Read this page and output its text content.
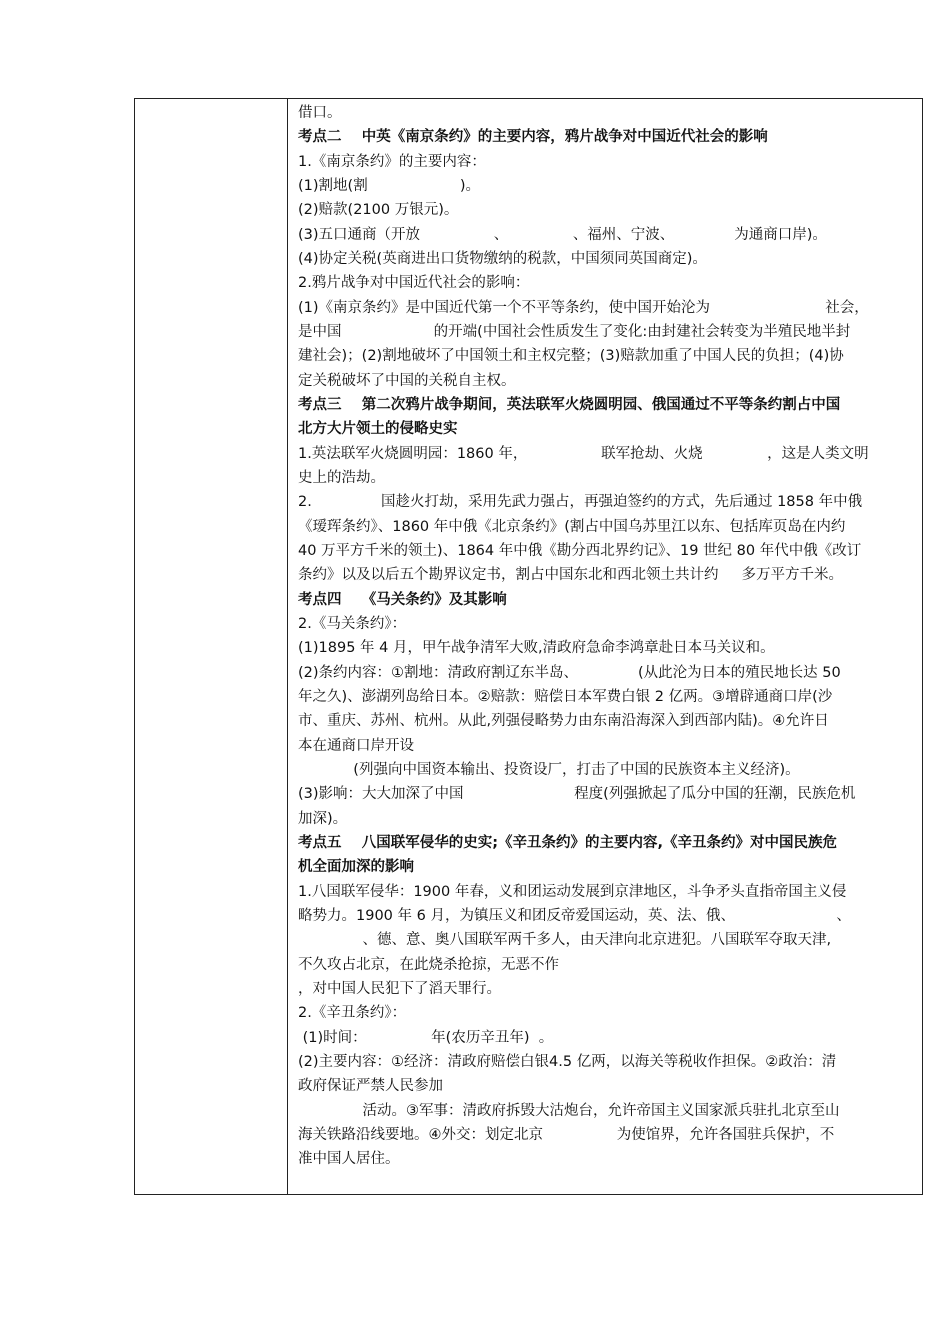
借口。
考点二    中英《南京条约》的主要内容，鸦片战争对中国近代社会的影响
1.《南京条约》的主要内容：
(1)割地(割                    )。
(2)赔款(2100 万银元)。
(3)五口通商（开放                、              、福州、宁波、             为通商口岸)。
(4)协定关税(英商进出口货物缴纳的税款，中国须同英国商定)。
2.鸦片战争对中国近代社会的影响：
(1)《南京条约》是中国近代第一个不平等条约，使中国开始沦为                         社会，
是中国                    的开端(中国社会性质发生了变化:由封建社会转变为半殖民地半封
建社会)；(2)割地破坏了中国领土和主权完整；(3)赔款加重了中国人民的负担；(4)协
定关税破坏了中国的关税自主权。
考点三    第二次鸦片战争期间，英法联军火烧圆明园、俄国通过不平等条约割占中国
北方大片领土的侵略史实
1.英法联军火烧圆明园：1860 年，                联军抢劫、火烧              ，这是人类文明
史上的浩劫。
2.               国趁火打劫，采用先武力强占，再强迫签约的方式，先后通过 1858 年中俄
《瑷珲条约》、1860 年中俄《北京条约》(割占中国乌苏里江以东、包括库页岛在内约
40 万平方千米的领土)、1864 年中俄《勘分西北界约记》、19 世纪 80 年代中俄《改订
条约》以及以后五个勘界议定书，割占中国东北和西北领土共计约     多万平方千米。
考点四    《马关条约》及其影响
2.《马关条约》：
(1)1895 年 4 月，甲午战争清军大败,清政府急命李鸿章赴日本马关议和。
(2)条约内容：①割地：清政府割辽东半岛、             (从此沦为日本的殖民地长达 50
年之久)、澎湖列岛给日本。②赔款：赔偿日本军费白银 2 亿两。③增辟通商口岸(沙
市、重庆、苏州、杭州。从此,列强侵略势力由东南沿海深入到西部内陆)。④允许日
本在通商口岸开设
(列强向中国资本输出、投资设厂，打击了中国的民族资本主义经济)。
(3)影响：大大加深了中国                        程度(列强掀起了瓜分中国的狂潮，民族危机
加深)。
考点五    八国联军侵华的史实;《辛丑条约》的主要内容,《辛丑条约》对中国民族危
机全面加深的影响
1.八国联军侵华：1900 年春，义和团运动发展到京津地区，斗争矛头直指帝国主义侵
略势力。1900 年 6 月，为镇压义和团反帝爱国运动，英、法、俄、                      、
、德、意、奥八国联军两千多人，由天津向北京进犯。八国联军夺取天津,
不久攻占北京，在此烧杀抢掠，无恶不作
，对中国人民犯下了滔天罪行。
2.《辛丑条约》：
(1)时间：              年(农历辛丑年)  。
(2)主要内容：①经济：清政府赔偿白银4.5 亿两，以海关等税收作担保。②政治：清
政府保证严禁人民参加
活动。③军事：清政府拆毁大沽炮台，允许帝国主义国家派兵驻扎北京至山
海关铁路沿线要地。④外交：划定北京                为使馆界，允许各国驻兵保护，不
准中国人居住。
